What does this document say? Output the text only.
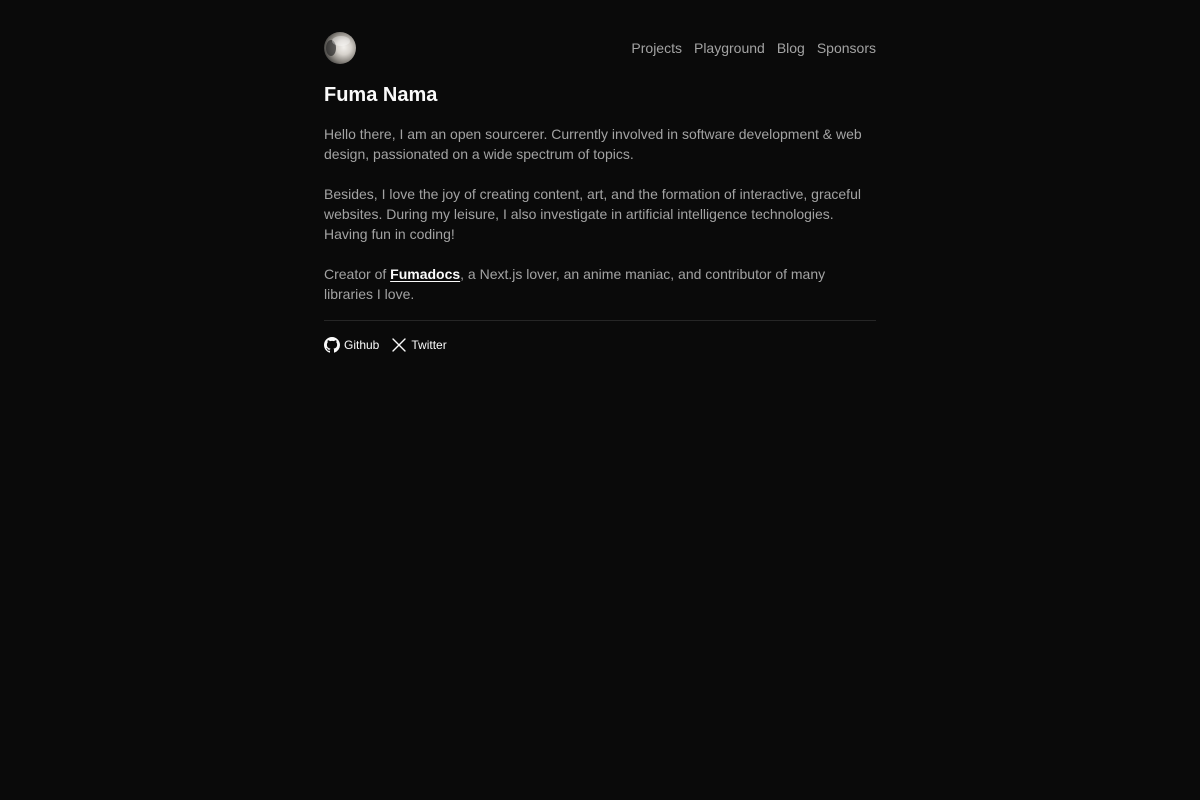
Projects Playground Blog Sponsors
Fuma Nama

Hello there, I am an open sourcerer. Currently involved in software development & web design, passionated on a wide spectrum of topics.

Besides, I love the joy of creating content, art, and the formation of interactive, graceful websites. During my leisure, I also investigate in artificial intelligence technologies. Having fun in coding!

Creator of Fumadocs, a Next.js lover, an anime maniac, and contributor of many libraries I love.

Github	Twitter
